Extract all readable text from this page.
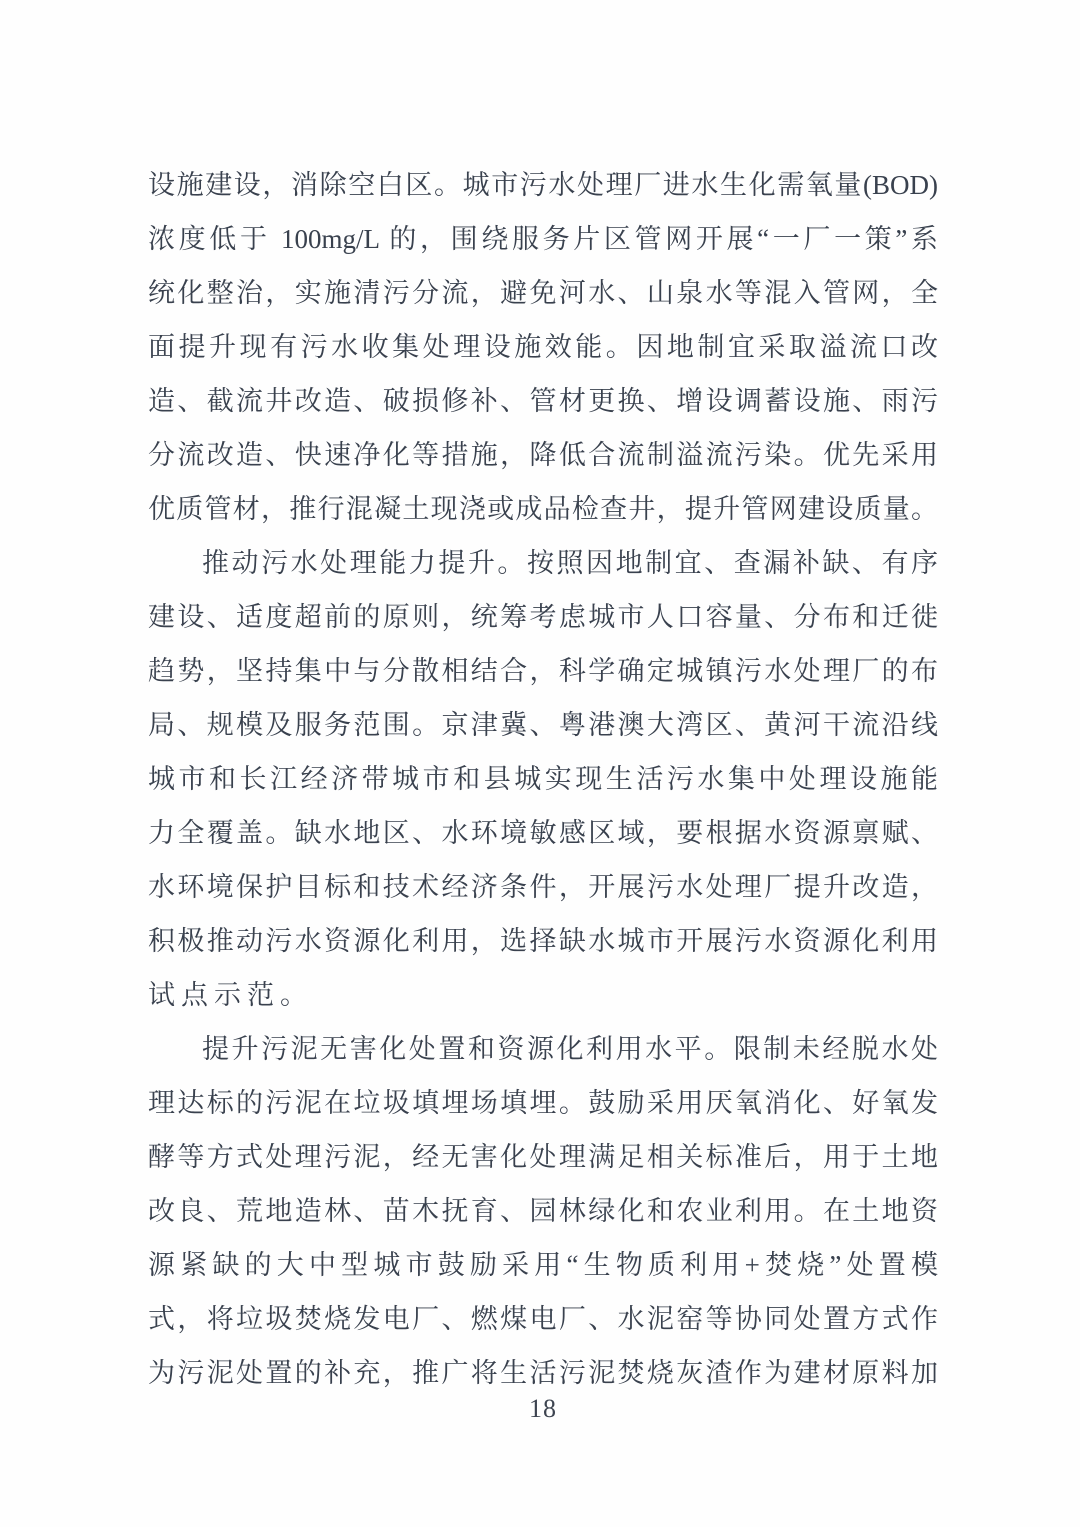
设施建设，消除空白区。城市污水处理厂进水生化需氧量(BOD)
浓度低于 100mg/L 的，围绕服务片区管网开展“一厂一策”系
统化整治，实施清污分流，避免河水、山泉水等混入管网，全
面提升现有污水收集处理设施效能。因地制宜采取溢流口改
造、截流井改造、破损修补、管材更换、增设调蓄设施、雨污
分流改造、快速净化等措施，降低合流制溢流污染。优先采用
优质管材，推行混凝土现浇或成品检查井，提升管网建设质量。
推动污水处理能力提升。按照因地制宜、查漏补缺、有序
建设、适度超前的原则，统筹考虑城市人口容量、分布和迁徙
趋势，坚持集中与分散相结合，科学确定城镇污水处理厂的布
局、规模及服务范围。京津冀、粤港澳大湾区、黄河干流沿线
城市和长江经济带城市和县城实现生活污水集中处理设施能
力全覆盖。缺水地区、水环境敏感区域，要根据水资源禀赋、
水环境保护目标和技术经济条件，开展污水处理厂提升改造，
积极推动污水资源化利用，选择缺水城市开展污水资源化利用
试点示范。
提升污泥无害化处置和资源化利用水平。限制未经脱水处
理达标的污泥在垃圾填埋场填埋。鼓励采用厌氧消化、好氧发
酵等方式处理污泥，经无害化处理满足相关标准后，用于土地
改良、荒地造林、苗木抚育、园林绿化和农业利用。在土地资
源紧缺的大中型城市鼓励采用“生物质利用+焚烧”处置模
式，将垃圾焚烧发电厂、燃煤电厂、水泥窑等协同处置方式作
为污泥处置的补充，推广将生活污泥焚烧灰渣作为建材原料加
18
